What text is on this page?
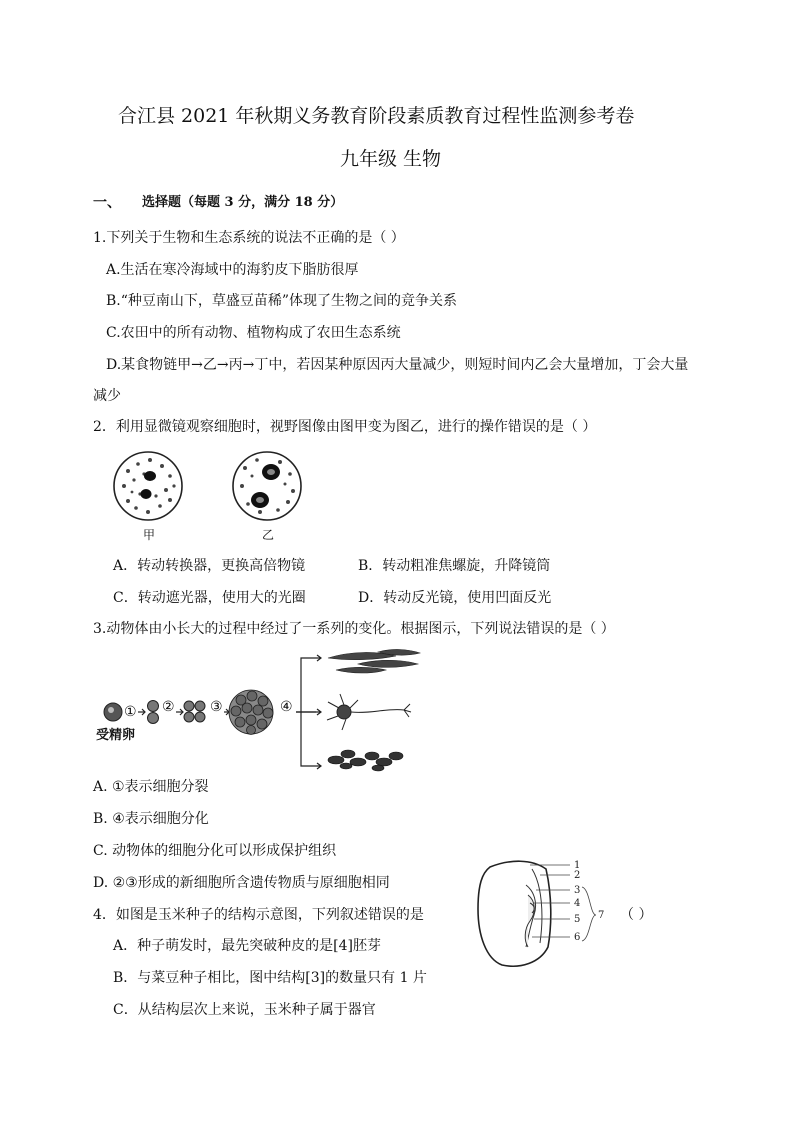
合江县 2021 年秋期义务教育阶段素质教育过程性监测参考卷
九年级 生物
一、 选择题（每题 3 分，满分 18 分）
1.下列关于生物和生态系统的说法不正确的是（ ）
A.生活在寒冷海域中的海豹皮下脂肪很厚
B.“种豆南山下，草盛豆苗稀”体现了生物之间的竞争关系
C.农田中的所有动物、植物构成了农田生态系统
D.某食物链甲→乙→丙→丁中，若因某种原因丙大量减少，则短时间内乙会大量增加，丁会大量
减少
2．利用显微镜观察细胞时，视野图像由图甲变为图乙，进行的操作错误的是（ ）
甲	乙
A．转动转换器，更换高倍物镜	B．转动粗准焦螺旋，升降镜筒
C．转动遮光器，使用大的光圈	D．转动反光镜，使用凹面反光
3.动物体由小长大的过程中经过了一系列的变化。根据图示，下列说法错误的是（ ）
① ②	③	④
受精卵
A. ①表示细胞分裂
B. ④表示细胞分化
C. 动物体的细胞分化可以形成保护组织
D. ②③形成的新细胞所含遗传物质与原细胞相同
1
2
3
4
5
6
7
4．如图是玉米种子的结构示意图，下列叙述错误的是	（ ）
A．种子萌发时，最先突破种皮的是[4]胚芽
B．与菜豆种子相比，图中结构[3]的数量只有 1 片
C．从结构层次上来说，玉米种子属于器官
